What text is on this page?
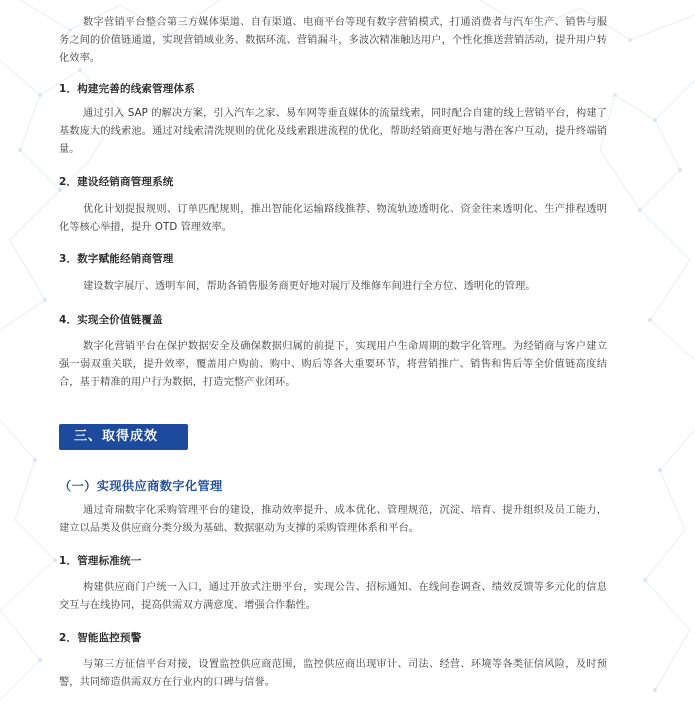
数字营销平台整合第三方媒体渠道、自有渠道、电商平台等现有数字营销模式，打通消费者与汽车生产、销售与服务之间的价值链通道，实现营销域业务、数据环流、营销漏斗，多波次精准触达用户，个性化推送营销活动，提升用户转化效率。

1．构建完善的线索管理体系

通过引入 SAP 的解决方案，引入汽车之家、易车网等垂直媒体的流量线索，同时配合自建的线上营销平台，构建了基数庞大的线索池。通过对线索清洗规则的优化及线索跟进流程的优化，帮助经销商更好地与潜在客户互动，提升终端销量。

2．建设经销商管理系统

优化计划提报规则、订单匹配规则，推出智能化运输路线推荐、物流轨迹透明化、资金往来透明化、生产排程透明化等核心举措，提升 OTD 管理效率。

3．数字赋能经销商管理

建设数字展厅、透明车间，帮助各销售服务商更好地对展厅及维修车间进行全方位、透明化的管理。

4．实现全价值链覆盖

数字化营销平台在保护数据安全及确保数据归属的前提下，实现用户生命周期的数字化管理。为经销商与客户建立强一弱双重关联，提升效率，覆盖用户购前、购中、购后等各大重要环节，将营销推广、销售和售后等全价值链高度结合，基于精准的用户行为数据，打造完整产业闭环。

三、取得成效
（一）实现供应商数字化管理

通过奇瑞数字化采购管理平台的建设，推动效率提升、成本优化、管理规范，沉淀、培育、提升组织及员工能力，建立以品类及供应商分类分级为基础、数据驱动为支撑的采购管理体系和平台。

1．管理标准统一

构建供应商门户统一入口，通过开放式注册平台，实现公告、招标通知、在线问卷调查、绩效反馈等多元化的信息交互与在线协同，提高供需双方满意度、增强合作黏性。

2．智能监控预警

与第三方征信平台对接，设置监控供应商范围，监控供应商出现审计、司法、经营、环境等各类征信风险，及时预警，共同缔造供需双方在行业内的口碑与信誉。
